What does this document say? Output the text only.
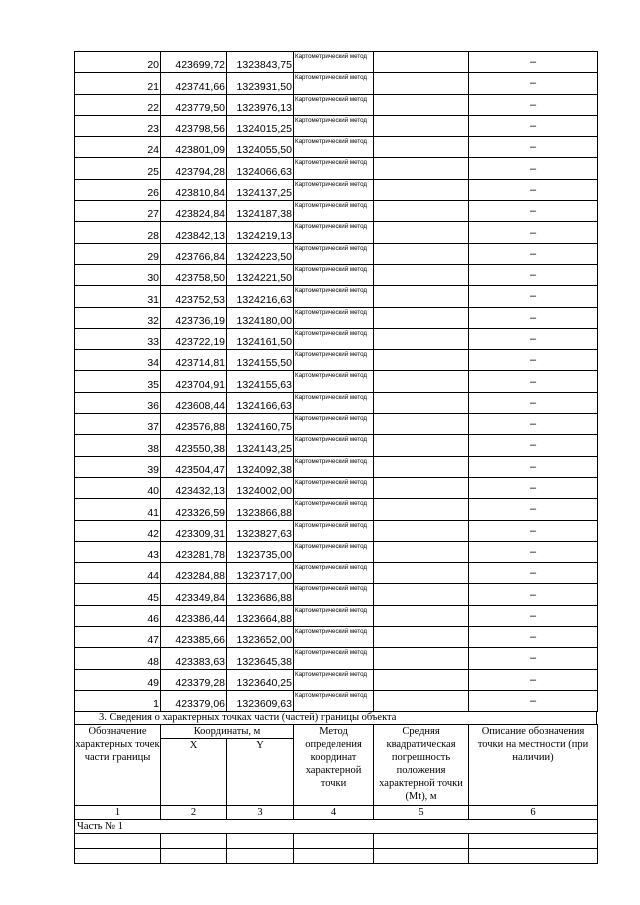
20	423699,72	1323843,75	Картометрический метод		–
21	423741,66	1323931,50	Картометрический метод		–
22	423779,50	1323976,13	Картометрический метод		–
23	423798,56	1324015,25	Картометрический метод		–
24	423801,09	1324055,50	Картометрический метод		–
25	423794,28	1324066,63	Картометрический метод		–
26	423810,84	1324137,25	Картометрический метод		–
27	423824,84	1324187,38	Картометрический метод		–
28	423842,13	1324219,13	Картометрический метод		–
29	423766,84	1324223,50	Картометрический метод		–
30	423758,50	1324221,50	Картометрический метод		–
31	423752,53	1324216,63	Картометрический метод		–
32	423736,19	1324180,00	Картометрический метод		–
33	423722,19	1324161,50	Картометрический метод		–
34	423714,81	1324155,50	Картометрический метод		–
35	423704,91	1324155,63	Картометрический метод		–
36	423608,44	1324166,63	Картометрический метод		–
37	423576,88	1324160,75	Картометрический метод		–
38	423550,38	1324143,25	Картометрический метод		–
39	423504,47	1324092,38	Картометрический метод		–
40	423432,13	1324002,00	Картометрический метод		–
41	423326,59	1323866,88	Картометрический метод		–
42	423309,31	1323827,63	Картометрический метод		–
43	423281,78	1323735,00	Картометрический метод		–
44	423284,88	1323717,00	Картометрический метод		–
45	423349,84	1323686,88	Картометрический метод		–
46	423386,44	1323664,88	Картометрический метод		–
47	423385,66	1323652,00	Картометрический метод		–
48	423383,63	1323645,38	Картометрический метод		–
49	423379,28	1323640,25	Картометрический метод		–
1	423379,06	1323609,63	Картометрический метод		–
3. Сведения о характерных точках части (частей) границы объекта
Обозначение характерных точек части границы	Координаты, м		Метод определения координат характерной точки	Средняя квадратическая погрешность положения характерной точки (Mt), м	Описание обозначения точки на местности (при наличии)
	X	Y			
1	2	3	4	5	6
Часть № 1					
